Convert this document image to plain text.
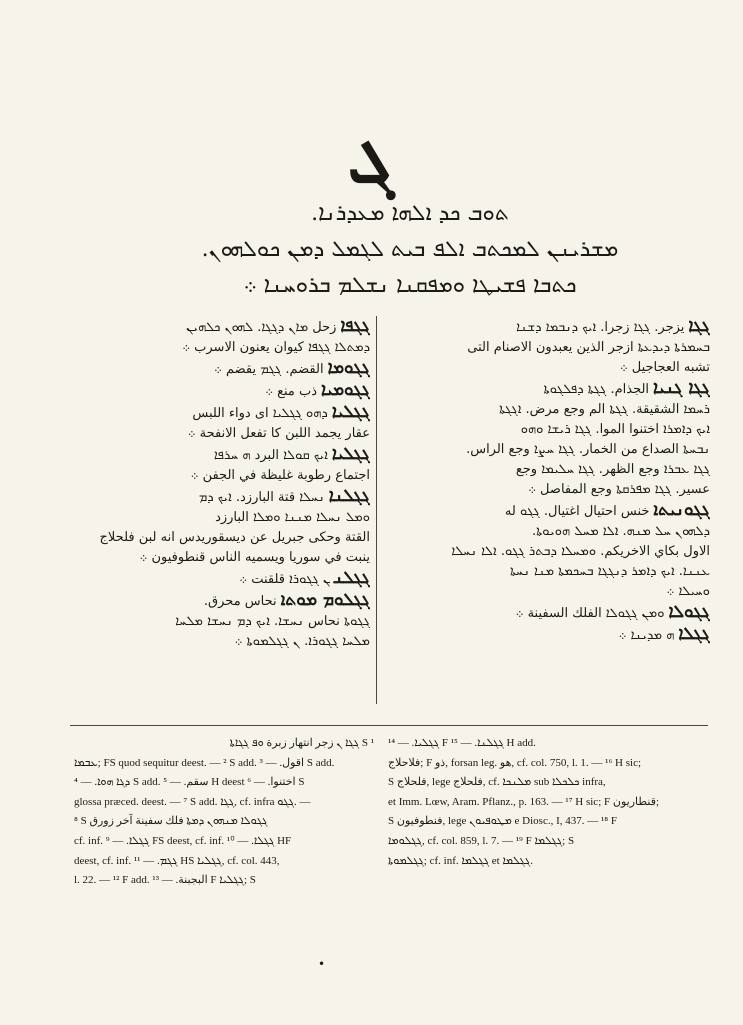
ܓ
ܬܘܒ ܟܕ ܐܠܗܐ ܡܥܕܪܢܐ.
ܡܫܪܝܢܢ ܠܡܟܬܒ ܐܠܦ ܒܝܬ ܠܓܡܠ ܕܡܢ ܟܘܠܗܘܢ.
ܟܬܒܐ ܦܫܝܛܐ ܘܡܦܩܢܐ ܢܫܠܡ ܒܪܘܚܢܐ ܀
ܓܓܐيزجر. ܓܓܐ زجرا. ܐܝܟ ܕܢܒܡܐ ܕܫܢܐ
ܒܚܡܪܬܐ ܕܝܕܥܬܐ ازجر الذين يعبدون الاصنام التى
تشبه العجاجيل ܀
ܓܓܐ ܓܢܝܐالجذام. ܓܓܬܐ ܕܦܠܓܘܬܐ
ܪܚܡܐ الشقيقة. ܓܓܬܐ الم وجع مرض. ܐܓܓܬܐ
ܐܝܟ ܕܐܡܪܐ اختنوا الموا. ܓܓܐ ܪܝܫܐ ܘܗܘ
ܢܒܚܬܐ الصداع من الخمار. ܓܓܐ ܚܨܐ وجع الراس.
ܓܓܐ ܥܒܪܐ وجع الظهر. ܓܓܐ ܚܠܝܡܐ وجع
عسير. ܓܓܐ ܡܦܪܩܬܐ وجع المفاصل ܀
ܓܓܘܢܝܬܐخنس احتيال اغتيال. ܓܓܘ له
ܕܠܗܘܢ ܚܠ ܡܢܗ. ܐܠܐ ܡܚܠ ܗܘܝܘܬܐ.
الاول بكاي الاخريكم. ܘܡܚܠܐ ܕܒܬܪ ܓܓܘ. ܐܠܐ ܢܚܠܐ
ܥܢܢܐ. ܐܝܟ ܕܐܡܪ ܕܢܓܓܐ ܒܚܟܡܬܐ ܡܢܐ ܢܚܬܐ
ܘܚܝܠܐ ܀
ܓܓܘܠܐܘܡܢ ܓܓܘܠܐ الفلك السفينة ܀
ܓܓܠܐܗ ܡܕܝܢܐ ܀
ܓܓܦܐزحل ܡܐܢ ܕܓܓܐ. ܠܗܘܢ ܟܠܗܝܢ
ܕܡܬܠܐ ܓܓܦܐ كيوان يعنون الاسرب ܀
ܓܓܘܡܐالقضم. ܓܓܡ يقضم ܀
ܓܓܘܡܝܐذب منع ܀
ܓܓܠܝܐܕܗܘ ܓܓܠܝܐ اى دواء اللبس
عقار يجمد اللبن كا تفعل الانفحة ܀
ܓܓܠܝܐܐܝܟ ܩܘܠܐ البرد ܗ ܚܪܦܐ
اجتماع رطوبة غليظة في الجفن ܀
ܓܓܠܢܐܢܚܠܐ قتة البارزد. ܐܝܟ ܕܡ
ܘܡܠ ܢܚܠܐ ܡܢܢܐ ܘܡܠܐ البارزد
القتة وحكى جبريل عن ديسقوريدس انه لبن فلحلاج
ينبت في سوريا ويسميه الناس قنطوفيون ܀
ܓܓܠܢܢ ܓܓܘܪܐ قلقنت ܀
ܓܓܠܘܡ ܡܘܬܐنحاس محرق.
ܓܓܘܬܐ نحاس ܢܚܫܐ. ܐܝܟ ܕܡ ܢܚܫܐ ܡܠܚܐ
ܡܠܚܐ ܓܓܘܪܐ. ܢ ܓܓܠܡܘܬܐ ܀
¹ S ܓܓܐ ܢ زجر انتهار زبرة ܘܦ ܓܓܐܬܐ
ܥܒܡܐ; FS quod sequitur deest. — ² S add. اقول. — ³ S add.
ܕܓܐ ܗܘܐ. — ⁴ S add. سقم. — ⁵ H deest اختنوا. — ⁶ S
glossa præced. deest. — ⁷ S add. ܓܓܐ, cf. infra ܓܓܘ. —
⁸ S ܓܓܘܠܐ ܡܢܗܘܢ ܕܡܬܐ فلك سفينة آخر زورق
cf. inf. ܓܓܠܐ. — ⁹ FS deest, cf. inf. ܓܓܠܐ. — ¹⁰ HF
deest, cf. inf. ܓܓܡ. — ¹¹ HS ܓܓܠܝܐ, cf. col. 443,
l. 22. — ¹² F add. البجبنة. — ¹³ F ܓܓܠܝܐ; S
ܓܓܠܝܐ. — ¹⁴ F ܓܓܠܢܐ. — ¹⁵ H add.
فلاحلاج; F ذو, forsan leg. هو, cf. col. 750, l. 1. — ¹⁶ H sic;
S فلحلاج, lege فلحلاج, cf. ܡܠܢܟܐ sub ܟܠܟܠܐ infra,
et Imm. Lœw, Aram. Pflanz., p. 163. — ¹⁷ H sic; F قنطاريون;
S فنطوفيون, lege ܡܛܘܦܝܘܢ e Diosc., I, 437. — ¹⁸ F
ܓܓܠܘܡܐ, cf. col. 859, l. 7. — ¹⁹ F ܓܓܠܡܐ; S
ܓܓܠܡܘܬܐ; cf. inf. ܓܓܠܡܐ et ܓܓܠܡܐ.
•
